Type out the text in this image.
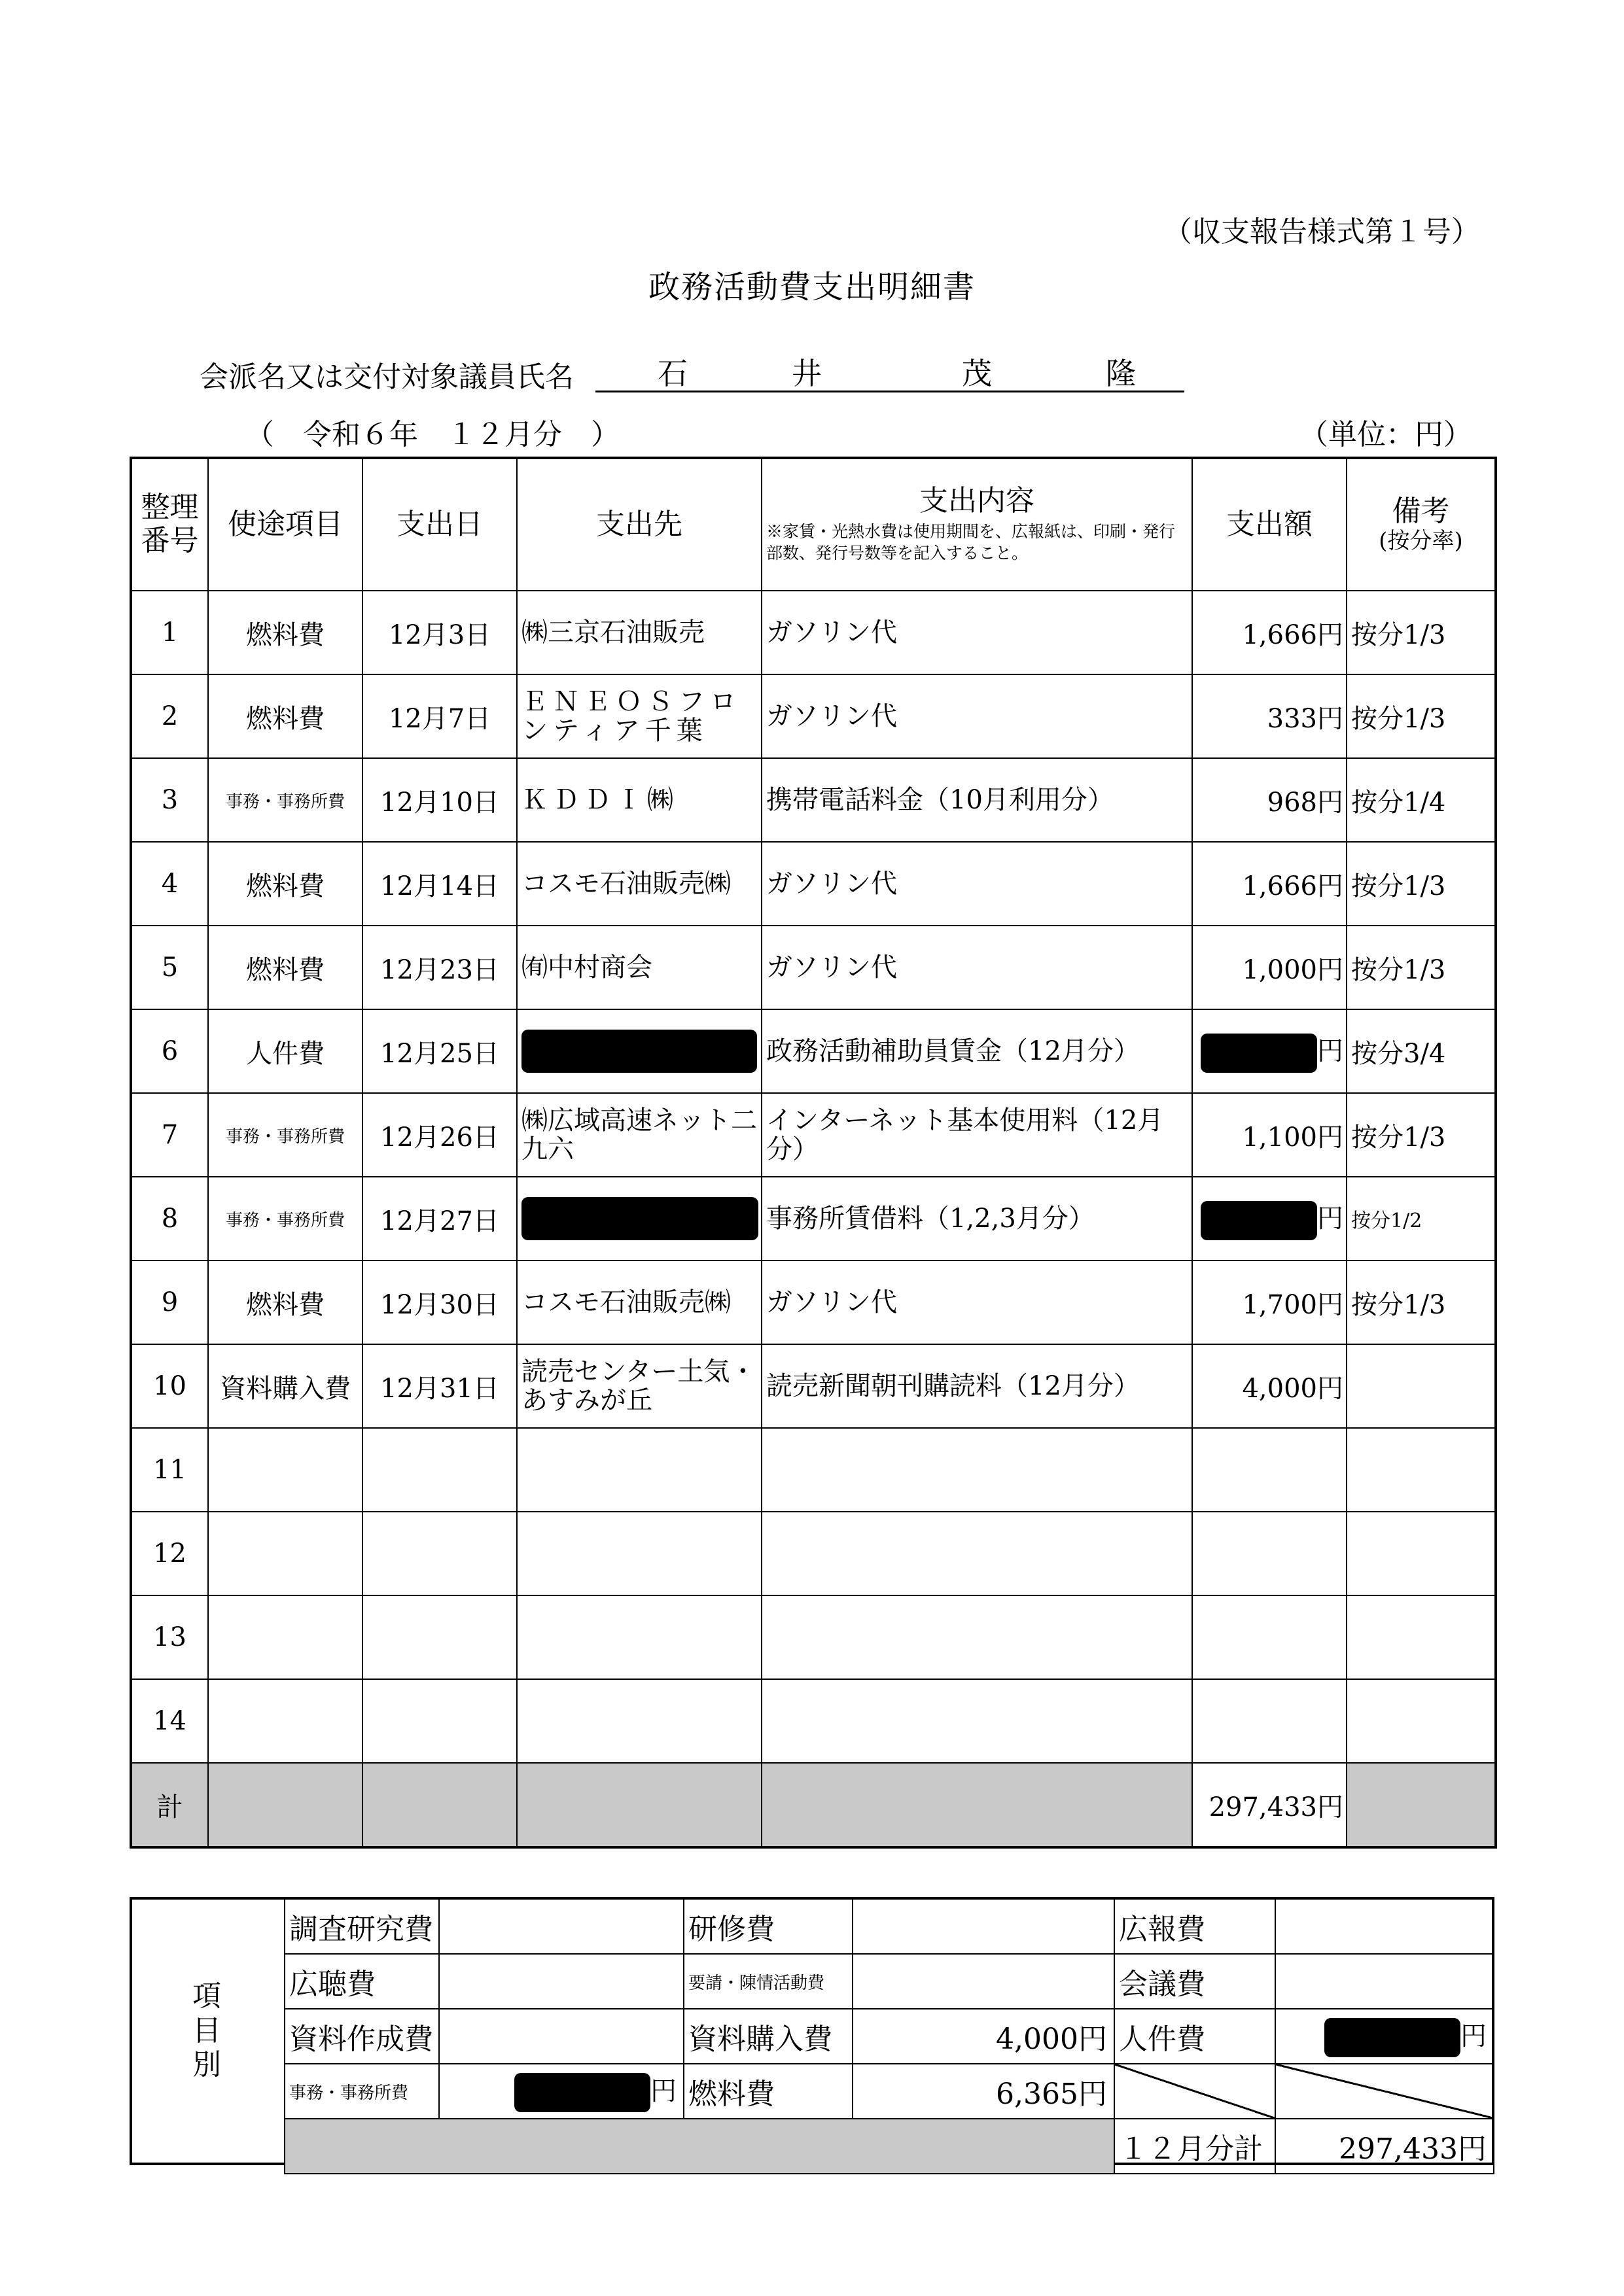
（収支報告様式第１号）
政務活動費支出明細書
会派名又は交付対象議員氏名	石	井	茂	隆
（　令和６年　１２月分　）	（単位：円）
整理番号	使途項目	支出日	支出先	支出内容
※家賃・光熱水費は使用期間を、広報紙は、印刷・発行部数、発行号数等を記入すること。	支出額	備考
(按分率)

1	燃料費	12月3日	㈱三京石油販売	ガソリン代	1,666円	按分1/3
2	燃料費	12月7日	ＥＮＥＯＳフロンティア千葉	ガソリン代	333円	按分1/3
3	事務・事務所費	12月10日	ＫＤＤＩ㈱	携帯電話料金（10月利用分）	968円	按分1/4
4	燃料費	12月14日	コスモ石油販売㈱	ガソリン代	1,666円	按分1/3
5	燃料費	12月23日	㈲中村商会	ガソリン代	1,000円	按分1/3
6	人件費	12月25日		政務活動補助員賃金（12月分）	円	按分3/4
7	事務・事務所費	12月26日	㈱広域高速ネット二九六	インターネット基本使用料（12月分）	1,100円	按分1/3
8	事務・事務所費	12月27日		事務所賃借料（1,2,3月分）	円	按分1/2
9	燃料費	12月30日	コスモ石油販売㈱	ガソリン代	1,700円	按分1/3
10	資料購入費	12月31日	読売センター土気・あすみが丘	読売新聞朝刊購読料（12月分）	4,000円	
11						
12						
13						
14						
計					297,433円	
項目別
調査研究費		研修費		広報費	
広聴費		要請・陳情活動費		会議費	
資料作成費		資料購入費	4,000円	人件費	円
事務・事務所費	円	燃料費	6,365円		
				１２月分計	297,433円
